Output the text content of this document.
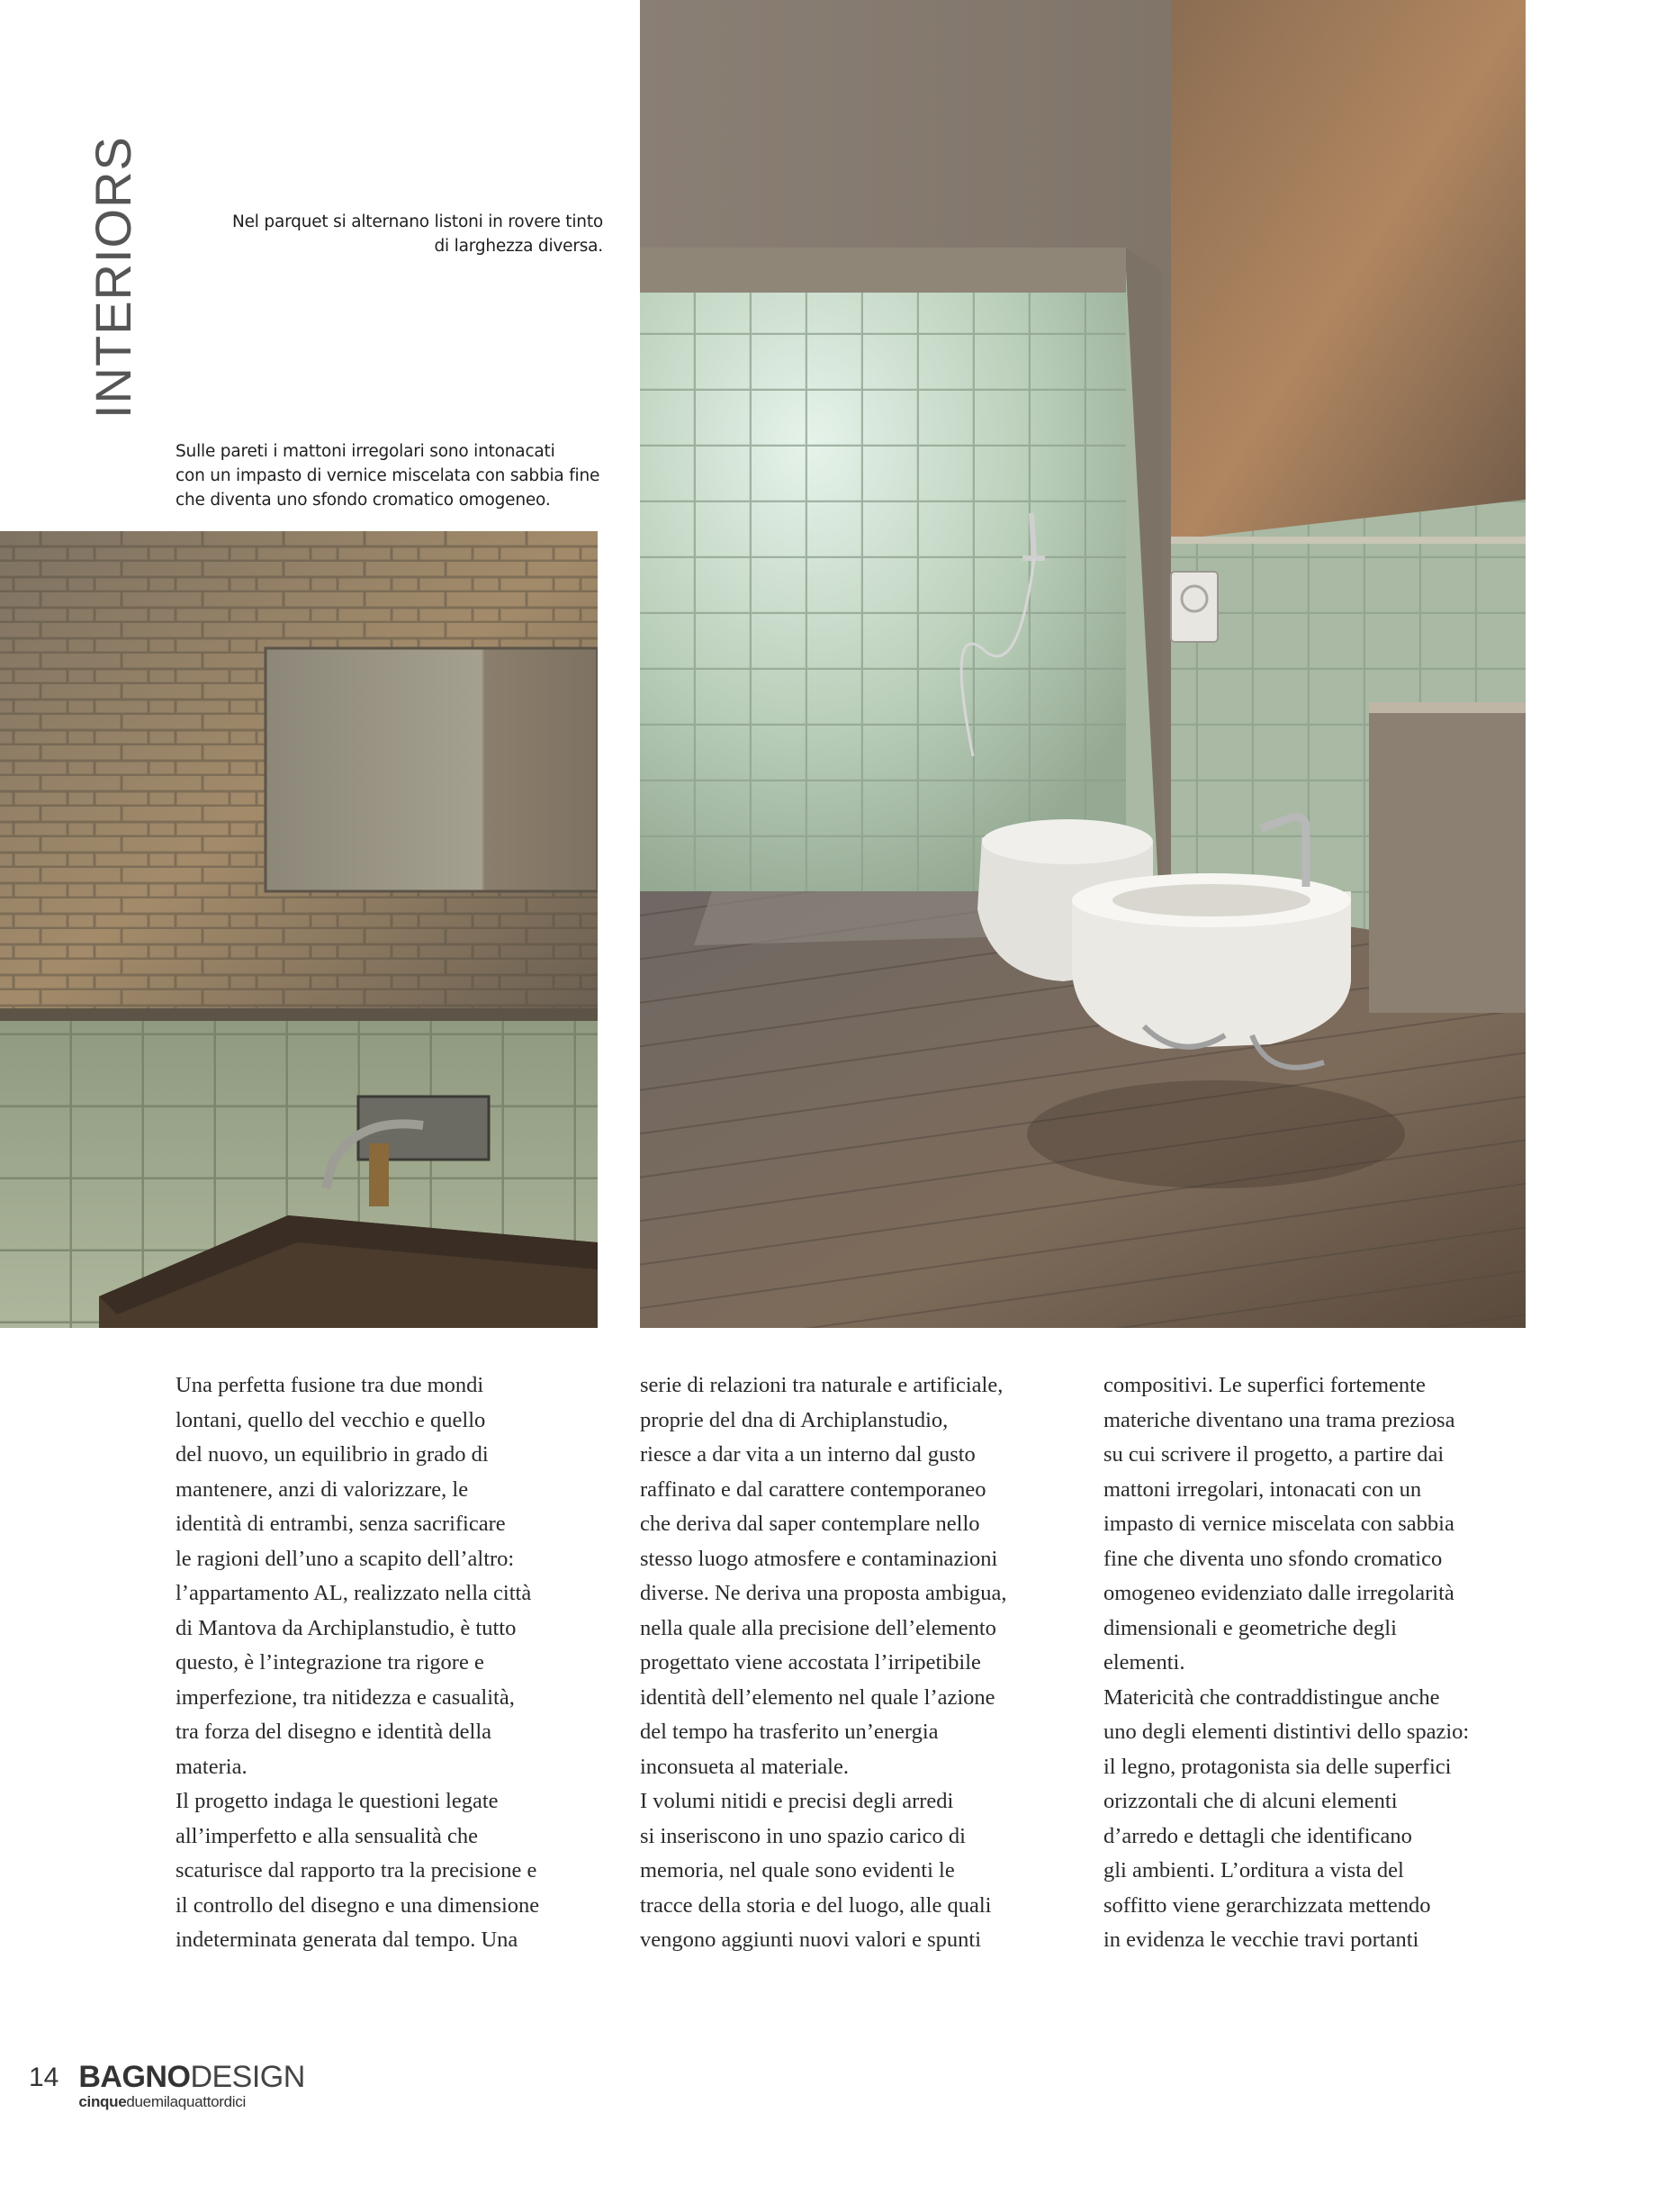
INTERIORS	Nel parquet si alternano listoni in rovere tinto
di larghezza diversa.
Sulle pareti i mattoni irregolari sono intonacati
con un impasto di vernice miscelata con sabbia fine
che diventa uno sfondo cromatico omogeneo.

Una perfetta fusione tra due mondi

lontani, quello del vecchio e quello

del nuovo, un equilibrio in grado di

mantenere, anzi di valorizzare, le

identità di entrambi, senza sacrificare

le ragioni dell’uno a scapito dell’altro:

l’appartamento AL, realizzato nella città

di Mantova da Archiplanstudio, è tutto

questo, è l’integrazione tra rigore e

imperfezione, tra nitidezza e casualità,

tra forza del disegno e identità della

materia.

Il progetto indaga le questioni legate

all’imperfetto e alla sensualità che

scaturisce dal rapporto tra la precisione e

il controllo del disegno e una dimensione

indeterminata generata dal tempo. Una

serie di relazioni tra naturale e artificiale,

proprie del dna di Archiplanstudio,

riesce a dar vita a un interno dal gusto

raffinato e dal carattere contemporaneo

che deriva dal saper contemplare nello

stesso luogo atmosfere e contaminazioni

diverse. Ne deriva una proposta ambigua,

nella quale alla precisione dell’elemento

progettato viene accostata l’irripetibile

identità dell’elemento nel quale l’azione

del tempo ha trasferito un’energia

inconsueta al materiale.

I volumi nitidi e precisi degli arredi

si inseriscono in uno spazio carico di

memoria, nel quale sono evidenti le

tracce della storia e del luogo, alle quali

vengono aggiunti nuovi valori e spunti

compositivi. Le superfici fortemente

materiche diventano una trama preziosa

su cui scrivere il progetto, a partire dai

mattoni irregolari, intonacati con un

impasto di vernice miscelata con sabbia

fine che diventa uno sfondo cromatico

omogeneo evidenziato dalle irregolarità

dimensionali e geometriche degli

elementi.

Matericità che contraddistingue anche

uno degli elementi distintivi dello spazio:

il legno, protagonista sia delle superfici

orizzontali che di alcuni elementi

d’arredo e dettagli che identificano

gli ambienti. L’orditura a vista del

soffitto viene gerarchizzata mettendo

in evidenza le vecchie travi portanti

14 BAGNODESIGN
cinqueduemilaquattordici
